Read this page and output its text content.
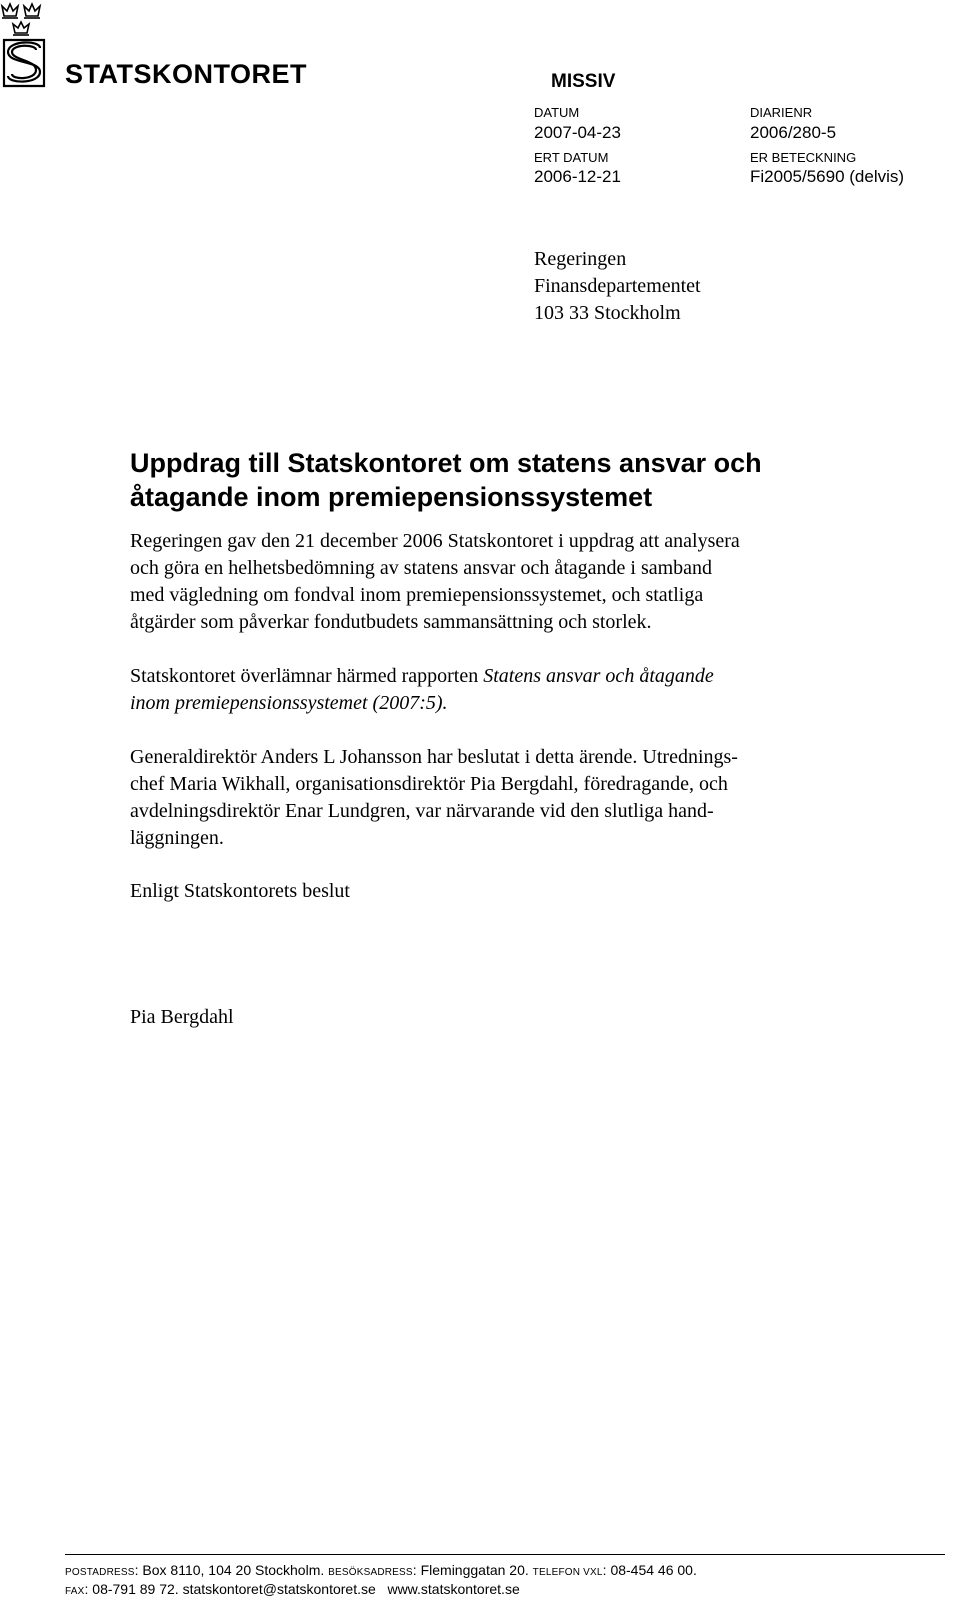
STATSKONTORET	MISSIV
DATUM
2007-04-23
DIARIENR
2006/280-5
ERT DATUM
2006-12-21
ER BETECKNING
Fi2005/5690 (delvis)
Regeringen
Finansdepartementet
103 33 Stockholm
Uppdrag till Statskontoret om statens ansvar och
åtagande inom premiepensionssystemet
Regeringen gav den 21 december 2006 Statskontoret i uppdrag att analysera
och göra en helhetsbedömning av statens ansvar och åtagande i samband
med vägledning om fondval inom premiepensionssystemet, och statliga
åtgärder som påverkar fondutbudets sammansättning och storlek.
Statskontoret överlämnar härmed rapporten Statens ansvar och åtagande
inom premiepensionssystemet (2007:5).
Generaldirektör Anders L Johansson har beslutat i detta ärende. Utrednings-
chef Maria Wikhall, organisationsdirektör Pia Bergdahl, föredragande, och
avdelningsdirektör Enar Lundgren, var närvarande vid den slutliga hand-
läggningen.
Enligt Statskontorets beslut
Pia Bergdahl
POSTADRESS: Box 8110, 104 20 Stockholm. BESÖKSADRESS: Fleminggatan 20. TELEFON VXL: 08-454 46 00.
FAX: 08-791 89 72. statskontoret@statskontoret.se www.statskontoret.se
